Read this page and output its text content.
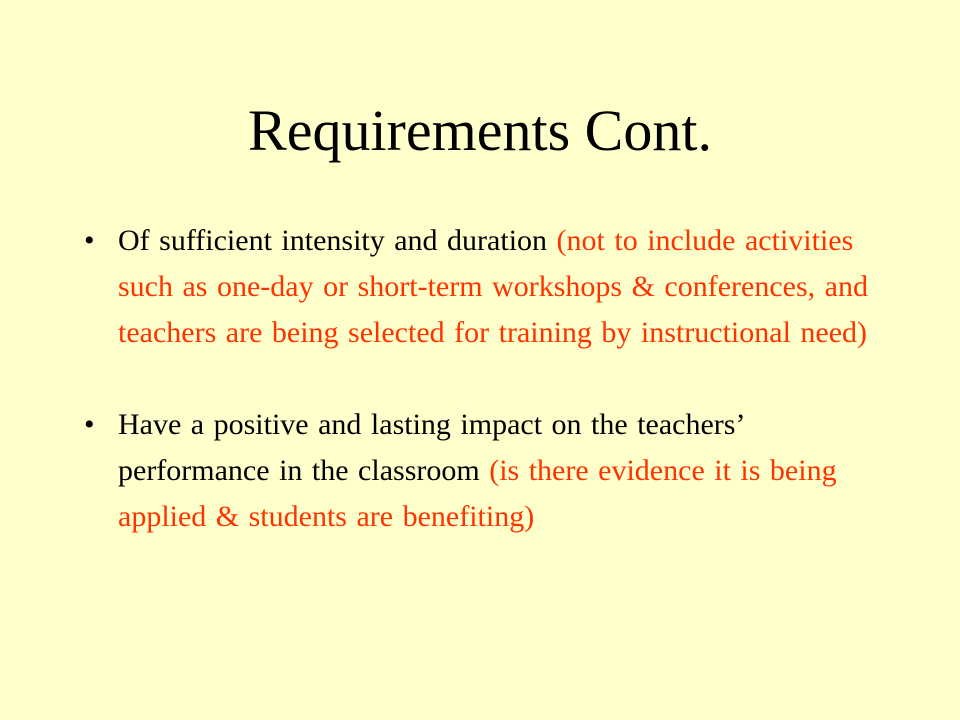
Requirements Cont.
• Of sufficient intensity and duration (not to include activities such as one-day or short-term workshops & conferences, and teachers are being selected for training by instructional need)
• Have a positive and lasting impact on the teachers’ performance in the classroom (is there evidence it is being applied & students are benefiting)
